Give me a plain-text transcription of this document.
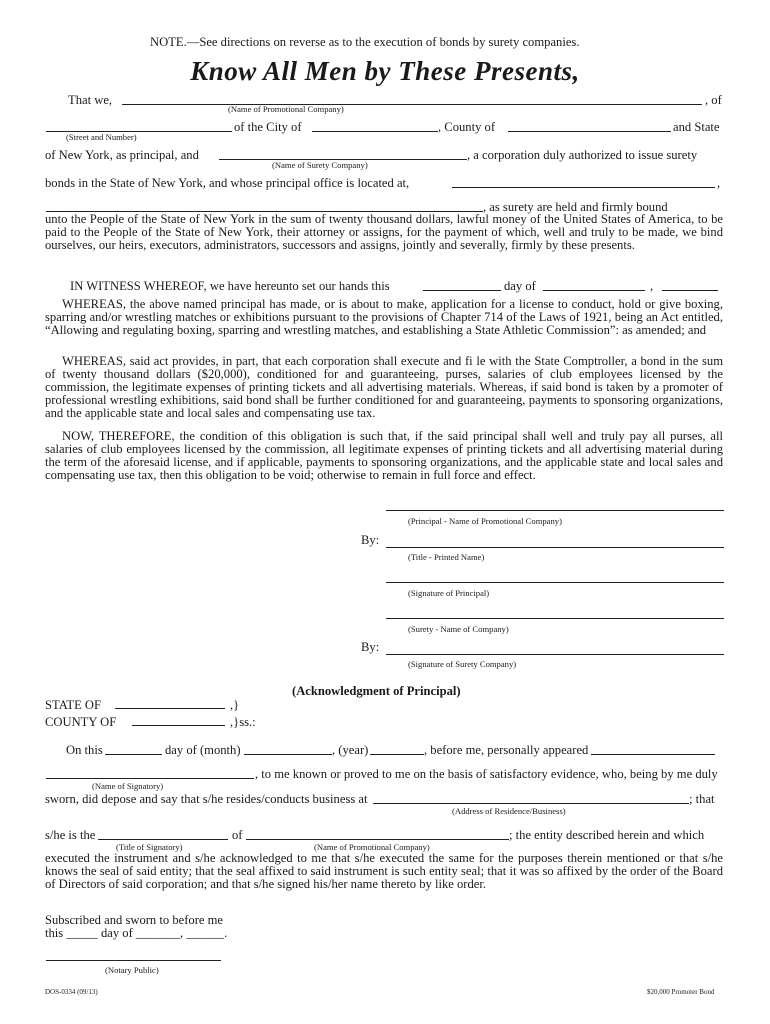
NOTE.—See directions on reverse as to the execution of bonds by surety companies.
Know All Men by These Presents,
That we,	, of
(Name of Promotional Company)
of the City of	, County of	and State
(Street and Number)
of New York, as principal, and	, a corporation duly authorized to issue surety
(Name of Surety Company)
bonds in the State of New York, and whose principal office is located at,	,
, as surety are held and firmly bound
unto the People of the State of New York in the sum of twenty thousand dollars, lawful money of the United States of America, to be paid to the People of the State of New York, their attorney or assigns, for the payment of which, well and truly to be made, we bind ourselves, our heirs, executors, administrators, successors and assigns, jointly and severally, firmly by these presents.
IN WITNESS WHEREOF, we have hereunto set our hands this	day of	,
WHEREAS, the above named principal has made, or is about to make, application for a license to conduct, hold or give boxing, sparring and/or wrestling matches or exhibitions pursuant to the provisions of Chapter 714 of the Laws of 1921, being an Act entitled, “Allowing and regulating boxing, sparring and wrestling matches, and establishing a State Athletic Commission”: as amended; and
WHEREAS, said act provides, in part, that each corporation shall execute and fi le with the State Comptroller, a bond in the sum of twenty thousand dollars ($20,000), conditioned for and guaranteeing, purses, salaries of club employees licensed by the commission, the legitimate expenses of printing tickets and all advertising materials. Whereas, if said bond is taken by a promoter of professional wrestling exhibitions, said bond shall be further conditioned for and guaranteeing, payments to sponsoring organizations, and the applicable state and local sales and compensating use tax.
NOW, THEREFORE, the condition of this obligation is such that, if the said principal shall well and truly pay all purses, all salaries of club employees licensed by the commission, all legitimate expenses of printing tickets and all advertising material during the term of the aforesaid license, and if applicable, payments to sponsoring organizations, and the applicable state and local sales and compensating use tax, then this obligation to be void; otherwise to remain in full force and effect.
(Principal - Name of Promotional Company)
By:
(Title - Printed Name)
(Signature of Principal)
(Surety - Name of Company)
By:
(Signature of Surety Company)
(Acknowledgment of Principal)
STATE OF	,}
COUNTY OF	,}ss.:
On this	day of (month)	, (year)	, before me, personally appeared
, to me known or proved to me on the basis of satisfactory evidence, who, being by me duly
(Name of Signatory)
sworn, did depose and say that s/he resides/conducts business at	; that
(Address of Residence/Business)
s/he is the	of	; the entity described herein and which
(Title of Signatory)	(Name of Promotional Company)
executed the instrument and s/he acknowledged to me that s/he executed the same for the purposes therein mentioned or that s/he knows the seal of said entity; that the seal affixed to said instrument is such entity seal; that it was so affixed by the order of the Board of Directors of said corporation; and that s/he signed his/her name thereto by like order.
Subscribed and sworn to before me
this _____ day of _______, ______.
(Notary Public)
DOS-0334 (09/13)	$20,000 Promoter Bond
